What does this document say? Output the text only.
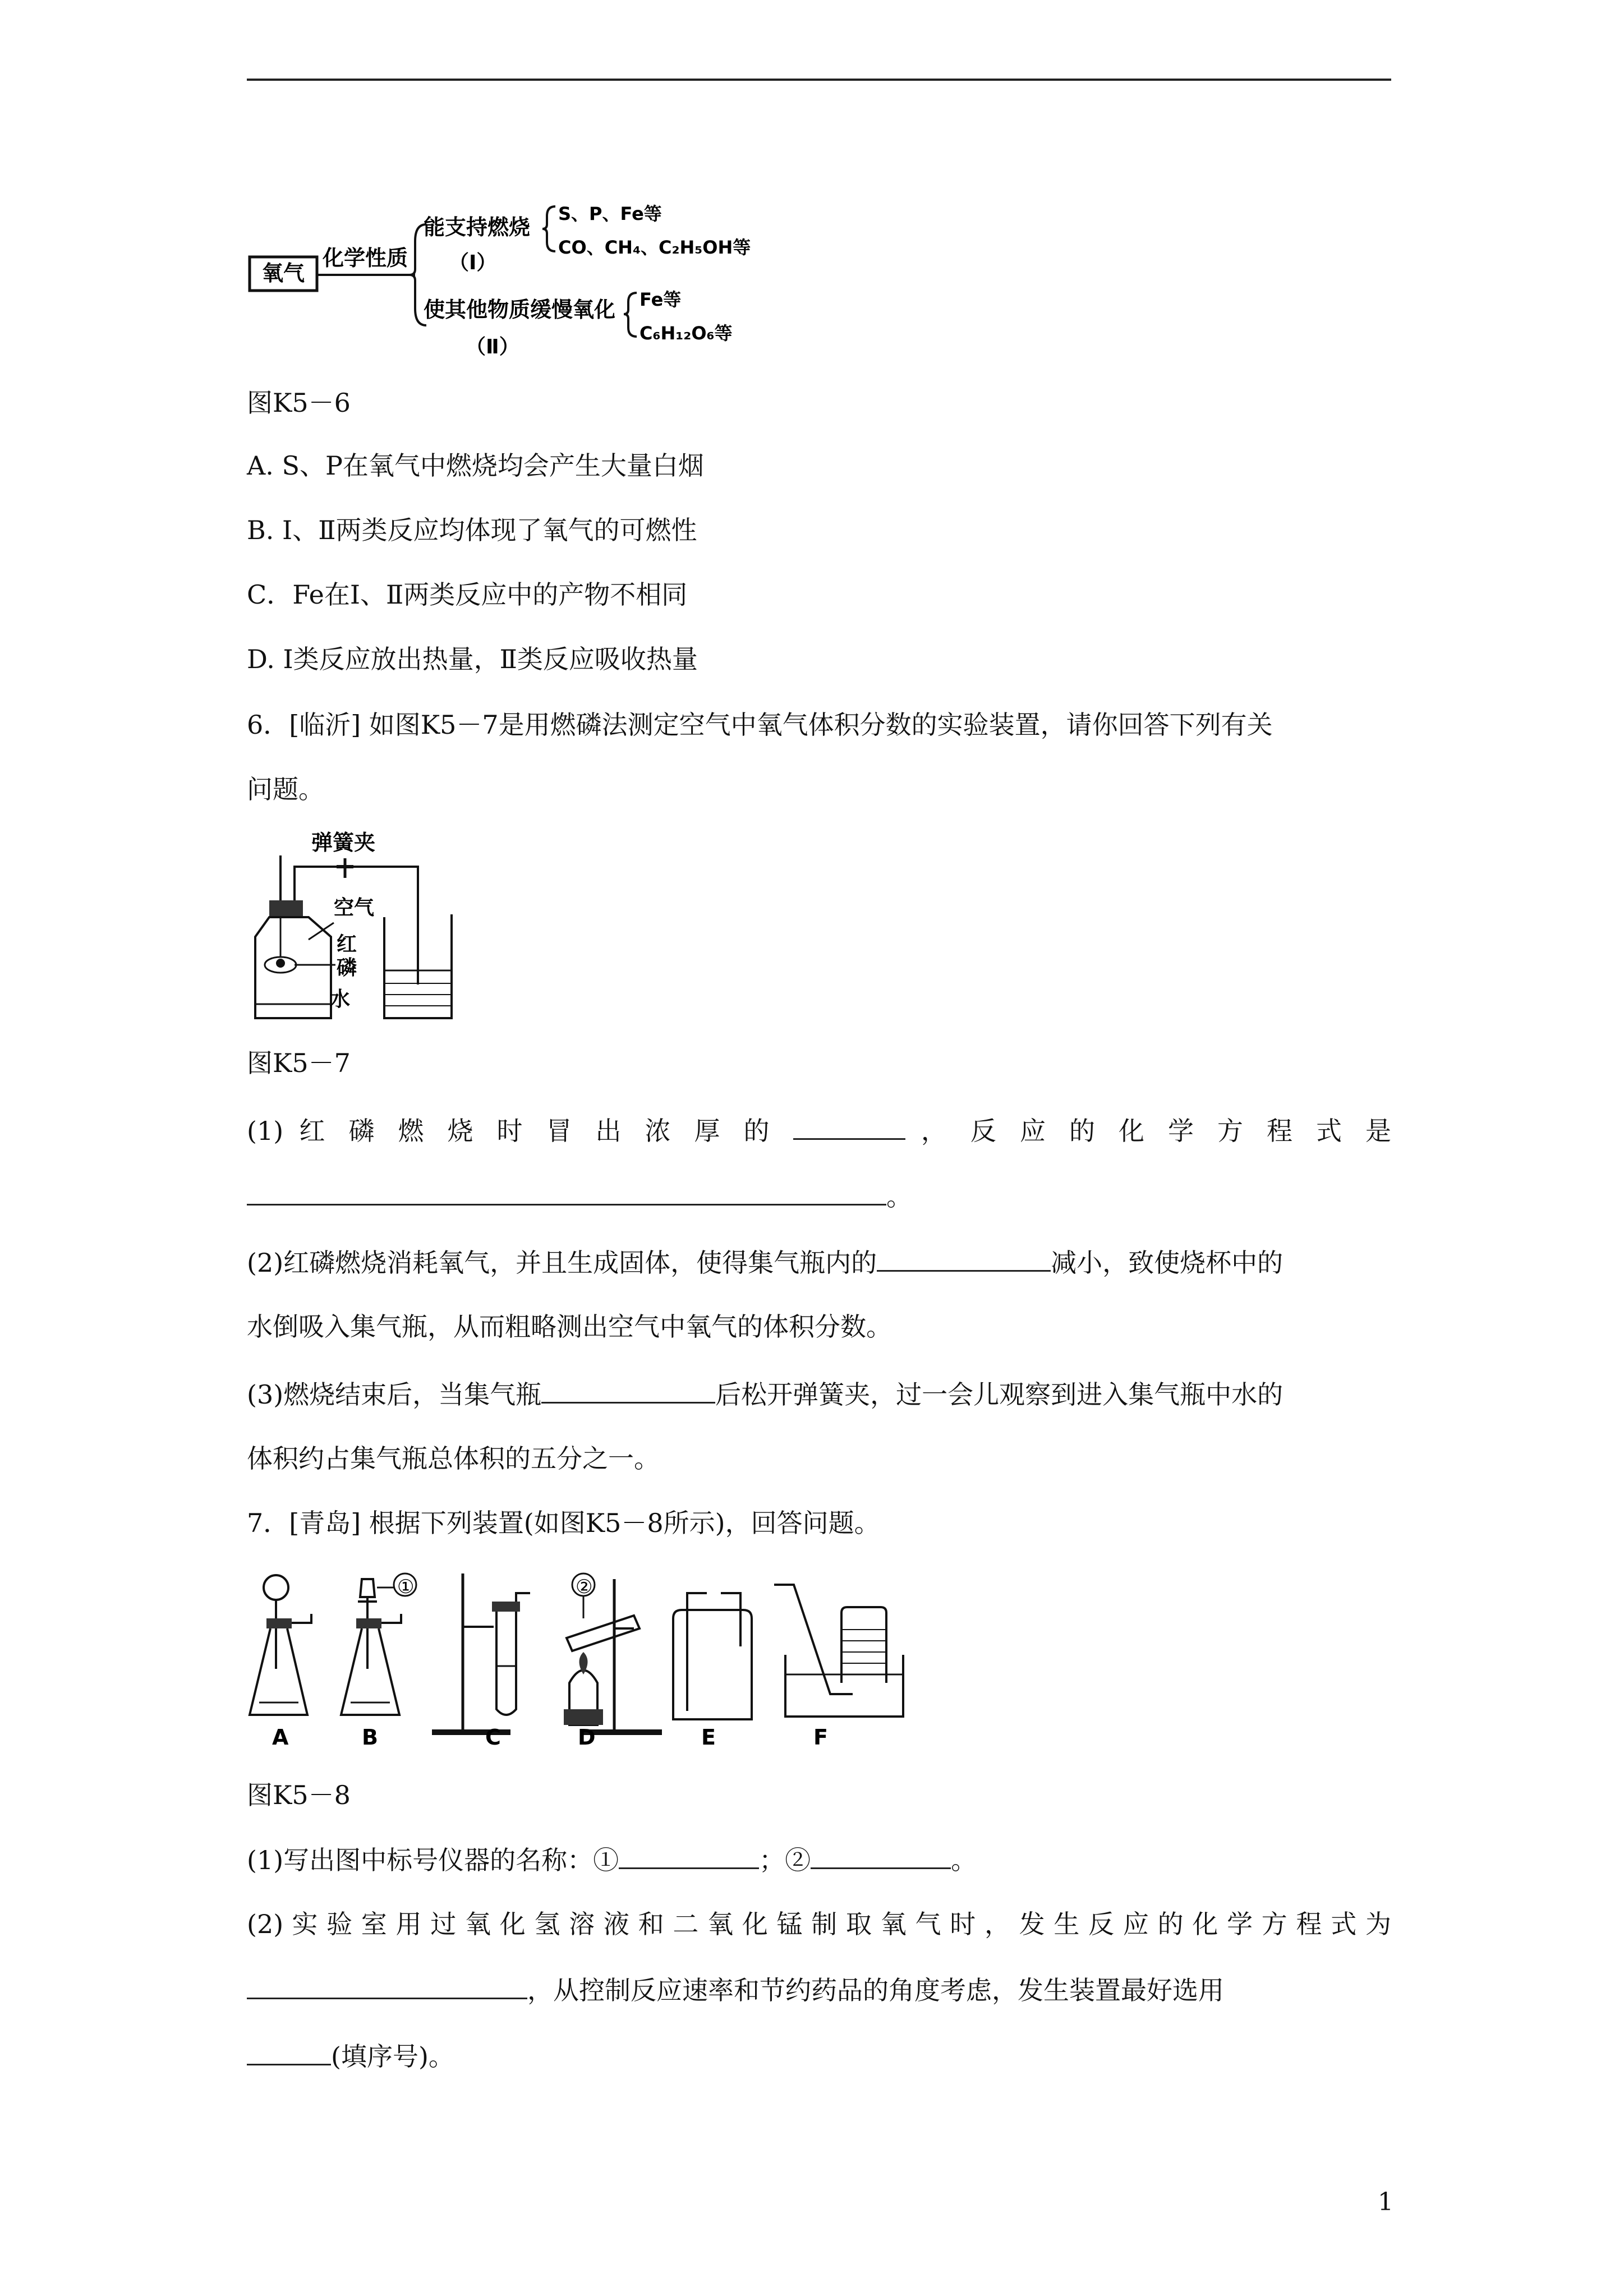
氧气
化学性质
能支持燃烧
（Ⅰ）
S、P、Fe等
CO、CH₄、C₂H₅OH等
使其他物质缓慢氧化
（Ⅱ）
Fe等
C₆H₁₂O₆等
图K5－6
A. S、P在氧气中燃烧均会产生大量白烟
B. Ⅰ、Ⅱ两类反应均体现了氧气的可燃性
C．Fe在Ⅰ、Ⅱ两类反应中的产物不相同
D. Ⅰ类反应放出热量，Ⅱ类反应吸收热量
6．[临沂] 如图K5－7是用燃磷法测定空气中氧气体积分数的实验装置，请你回答下列有关
问题。
弹簧夹
空气
红
磷
水
图K5－7
(1) 红 磷 燃 烧 时 冒 出 浓 厚 的	， 反 应 的 化 学 方 程 式 是
。
(2)红磷燃烧消耗氧气，并且生成固体，使得集气瓶内的	减小，致使烧杯中的
水倒吸入集气瓶，从而粗略测出空气中氧气的体积分数。
(3)燃烧结束后，当集气瓶	后松开弹簧夹，过一会儿观察到进入集气瓶中水的
体积约占集气瓶总体积的五分之一。
7．[青岛] 根据下列装置(如图K5－8所示)，回答问题。
A
①
B	C
②
D	E	F
图K5－8
(1)写出图中标号仪器的名称：①	；②	。
(2) 实 验 室 用 过 氧 化 氢 溶 液 和 二 氧 化 锰 制 取 氧 气 时 ， 发 生 反 应 的 化 学 方 程 式 为
，从控制反应速率和节约药品的角度考虑，发生装置最好选用
(填序号)。
1
